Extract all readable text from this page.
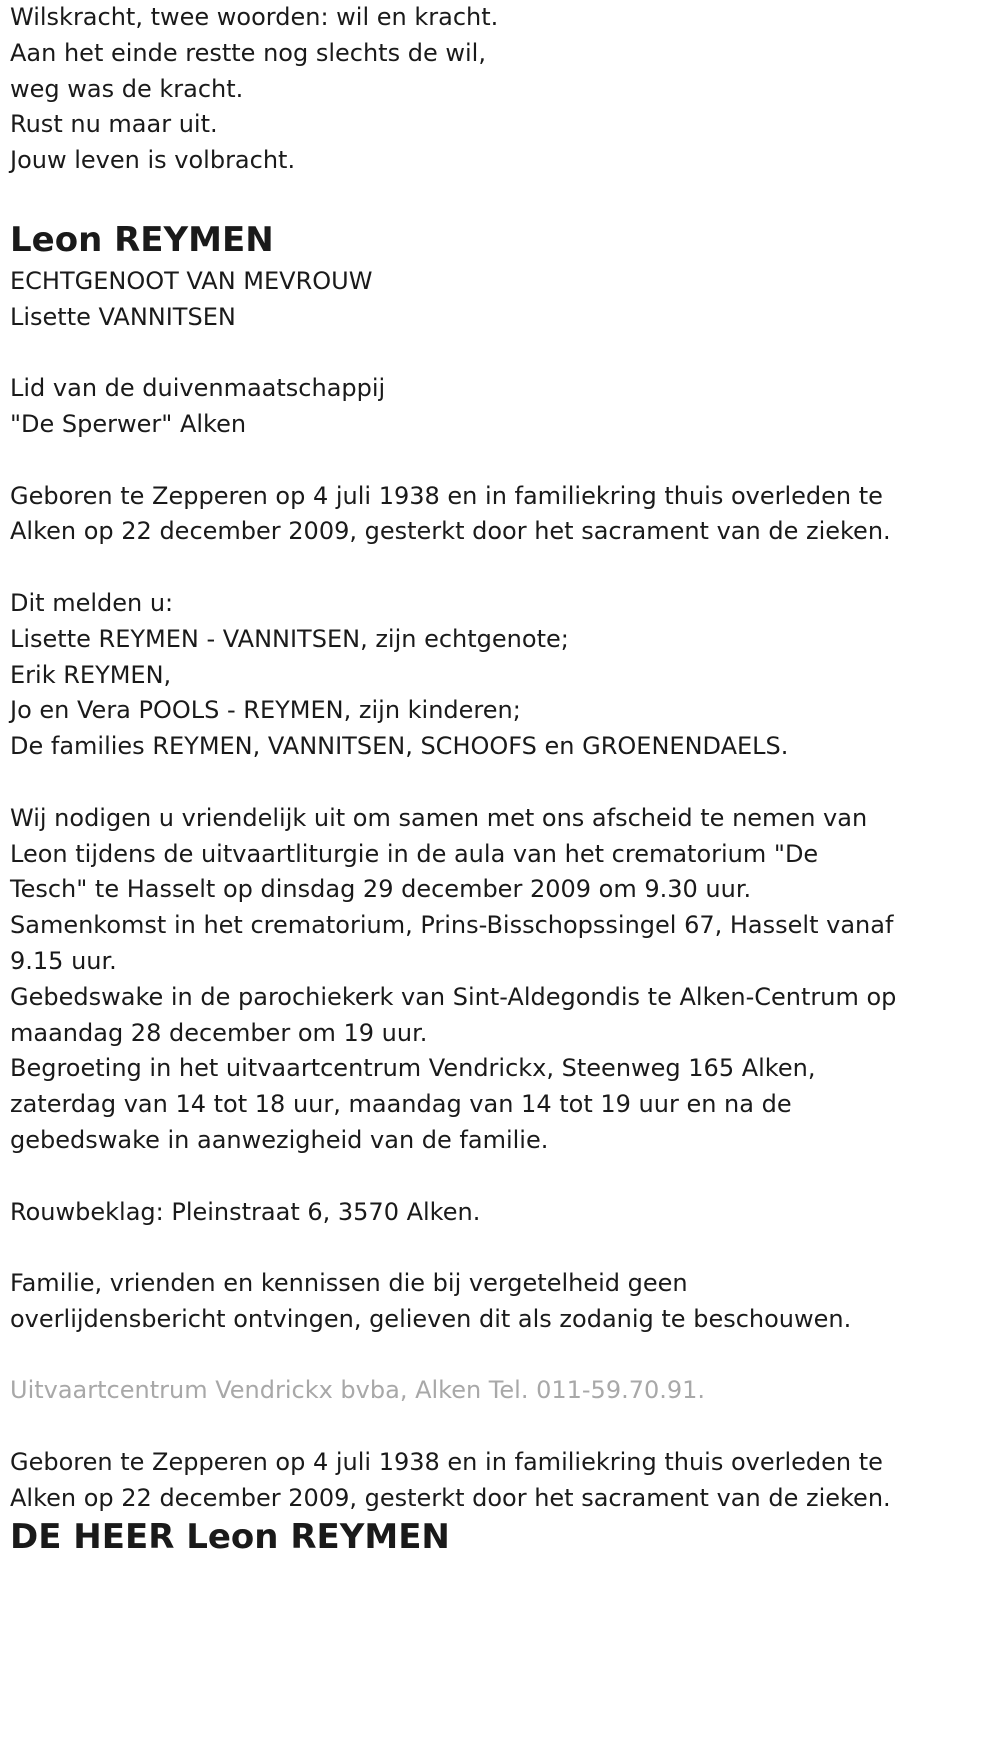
Wilskracht, twee woorden: wil en kracht.

Aan het einde restte nog slechts de wil,

weg was de kracht.

Rust nu maar uit.

Jouw leven is volbracht.

Leon REYMEN

ECHTGENOOT VAN MEVROUW

Lisette VANNITSEN

Lid van de duivenmaatschappij

"De Sperwer" Alken

Geboren te Zepperen op 4 juli 1938 en in familiekring thuis overleden te

Alken op 22 december 2009, gesterkt door het sacrament van de zieken.

Dit melden u:

Lisette REYMEN - VANNITSEN, zijn echtgenote;

Erik REYMEN,

Jo en Vera POOLS - REYMEN, zijn kinderen;

De families REYMEN, VANNITSEN, SCHOOFS en GROENENDAELS.

Wij nodigen u vriendelijk uit om samen met ons afscheid te nemen van

Leon tijdens de uitvaartliturgie in de aula van het crematorium "De

Tesch" te Hasselt op dinsdag 29 december 2009 om 9.30 uur.

Samenkomst in het crematorium, Prins-Bisschopssingel 67, Hasselt vanaf

9.15 uur.

Gebedswake in de parochiekerk van Sint-Aldegondis te Alken-Centrum op

maandag 28 december om 19 uur.

Begroeting in het uitvaartcentrum Vendrickx, Steenweg 165 Alken,

zaterdag van 14 tot 18 uur, maandag van 14 tot 19 uur en na de

gebedswake in aanwezigheid van de familie.

Rouwbeklag: Pleinstraat 6, 3570 Alken.

Familie, vrienden en kennissen die bij vergetelheid geen

overlijdensbericht ontvingen, gelieven dit als zodanig te beschouwen.

Uitvaartcentrum Vendrickx bvba, Alken Tel. 011-59.70.91.

Geboren te Zepperen op 4 juli 1938 en in familiekring thuis overleden te

Alken op 22 december 2009, gesterkt door het sacrament van de zieken.

DE HEER Leon REYMEN
